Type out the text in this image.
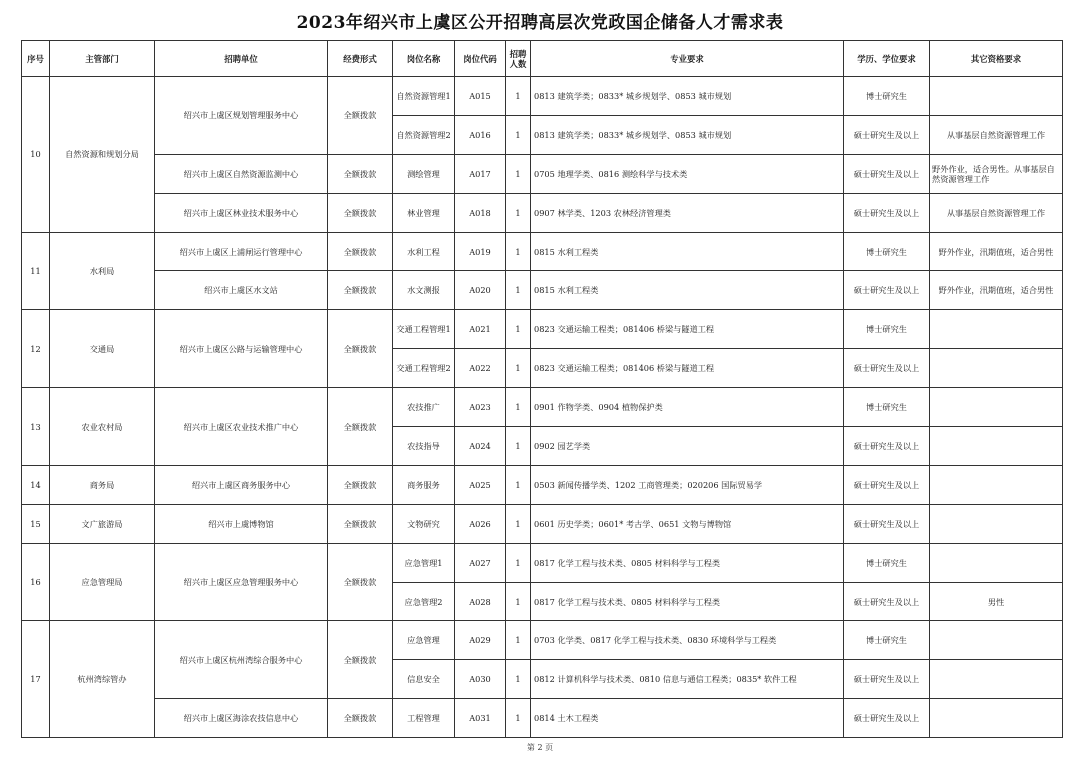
2023年绍兴市上虞区公开招聘高层次党政国企储备人才需求表
序号	主管部门	招聘单位	经费形式	岗位名称	岗位代码	招聘人数	专业要求	学历、学位要求	其它资格要求
10	自然资源和规划分局	绍兴市上虞区规划管理服务中心	全额拨款	自然资源管理1	A015	1	0813 建筑学类；0833* 城乡规划学、0853 城市规划	博士研究生	
				自然资源管理2	A016	1	0813 建筑学类；0833* 城乡规划学、0853 城市规划	硕士研究生及以上	从事基层自然资源管理工作
		绍兴市上虞区自然资源监测中心	全额拨款	测绘管理	A017	1	0705 地理学类、0816 测绘科学与技术类	硕士研究生及以上	野外作业，适合男性。从事基层自然资源管理工作
		绍兴市上虞区林业技术服务中心	全额拨款	林业管理	A018	1	0907 林学类、1203 农林经济管理类	硕士研究生及以上	从事基层自然资源管理工作
11	水利局	绍兴市上虞区上浦闸运行管理中心	全额拨款	水利工程	A019	1	0815 水利工程类	博士研究生	野外作业，汛期值班，适合男性
		绍兴市上虞区水文站	全额拨款	水文测报	A020	1	0815 水利工程类	硕士研究生及以上	野外作业，汛期值班，适合男性
12	交通局	绍兴市上虞区公路与运输管理中心	全额拨款	交通工程管理1	A021	1	0823 交通运输工程类；081406 桥梁与隧道工程	博士研究生	
				交通工程管理2	A022	1	0823 交通运输工程类；081406 桥梁与隧道工程	硕士研究生及以上	
13	农业农村局	绍兴市上虞区农业技术推广中心	全额拨款	农技推广	A023	1	0901 作物学类、0904 植物保护类	博士研究生	
				农技指导	A024	1	0902 园艺学类	硕士研究生及以上	
14	商务局	绍兴市上虞区商务服务中心	全额拨款	商务服务	A025	1	0503 新闻传播学类、1202 工商管理类；020206 国际贸易学	硕士研究生及以上	
15	文广旅游局	绍兴市上虞博物馆	全额拨款	文物研究	A026	1	0601 历史学类；0601* 考古学、0651 文物与博物馆	硕士研究生及以上	
16	应急管理局	绍兴市上虞区应急管理服务中心	全额拨款	应急管理1	A027	1	0817 化学工程与技术类、0805 材料科学与工程类	博士研究生	
				应急管理2	A028	1	0817 化学工程与技术类、0805 材料科学与工程类	硕士研究生及以上	男性
17	杭州湾综管办	绍兴市上虞区杭州湾综合服务中心	全额拨款	应急管理	A029	1	0703 化学类、0817 化学工程与技术类、0830 环境科学与工程类	博士研究生	
				信息安全	A030	1	0812 计算机科学与技术类、0810 信息与通信工程类；0835* 软件工程	硕士研究生及以上	
		绍兴市上虞区海涂农技信息中心	全额拨款	工程管理	A031	1	0814 土木工程类	硕士研究生及以上	
第 2 页
